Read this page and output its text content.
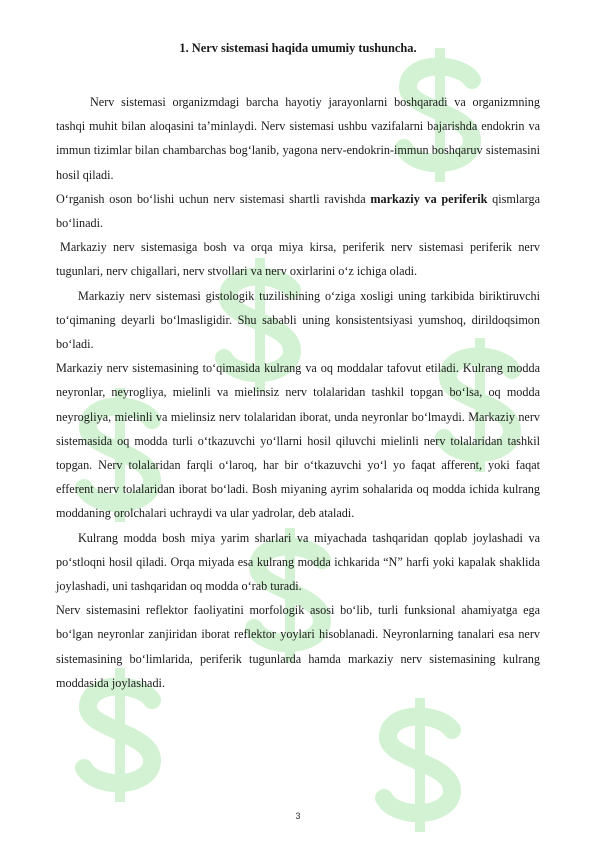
1. Nerv sistemasi haqida umumiy tushuncha.

Nerv sistemasi organizmdagi barcha hayotiy jarayonlarni boshqaradi va organizmning tashqi muhit bilan aloqasini ta’minlaydi. Nerv sistemasi ushbu vazifalarni bajarishda endokrin va immun tizimlar bilan chambarchas bog‘lanib, yagona nerv-endokrin-immun boshqaruv sistemasini hosil qiladi.

O‘rganish oson bo‘lishi uchun nerv sistemasi shartli ravishda markaziy va periferik qismlarga bo‘linadi.

Markaziy nerv sistemasiga bosh va orqa miya kirsa, periferik nerv sistemasi periferik nerv tugunlari, nerv chigallari, nerv stvollari va nerv oxirlarini o‘z ichiga oladi.

Markaziy nerv sistemasi gistologik tuzilishining o‘ziga xosligi uning tarkibida biriktiruvchi to‘qimaning deyarli bo‘lmasligidir. Shu sababli uning konsistentsiyasi yumshoq, dirildoqsimon bo‘ladi.

Markaziy nerv sistemasining to‘qimasida kulrang va oq moddalar tafovut etiladi. Kulrang modda neyronlar, neyrogliya, mielinli va mielinsiz nerv tolalaridan tashkil topgan bo‘lsa, oq modda neyrogliya, mielinli va mielinsiz nerv tolalaridan iborat, unda neyronlar bo‘lmaydi. Markaziy nerv sistemasida oq modda turli o‘tkazuvchi yo‘llarni hosil qiluvchi mielinli nerv tolalaridan tashkil topgan. Nerv tolalaridan farqli o‘laroq, har bir o‘tkazuvchi yo‘l yo faqat afferent, yoki faqat efferent nerv tolalaridan iborat bo‘ladi. Bosh miyaning ayrim sohalarida oq modda ichida kulrang moddaning orolchalari uchraydi va ular yadrolar, deb ataladi.

Kulrang modda bosh miya yarim sharlari va miyachada tashqaridan qoplab joylashadi va po‘stloqni hosil qiladi. Orqa miyada esa kulrang modda ichkarida “N” harfi yoki kapalak shaklida joylashadi, uni tashqaridan oq modda o‘rab turadi.

Nerv sistemasini reflektor faoliyatini morfologik asosi bo‘lib, turli funksional ahamiyatga ega bo‘lgan neyronlar zanjiridan iborat reflektor yoylari hisoblanadi. Neyronlarning tanalari esa nerv sistemasining bo‘limlarida, periferik tugunlarda hamda markaziy nerv sistemasining kulrang moddasida joylashadi.

3
